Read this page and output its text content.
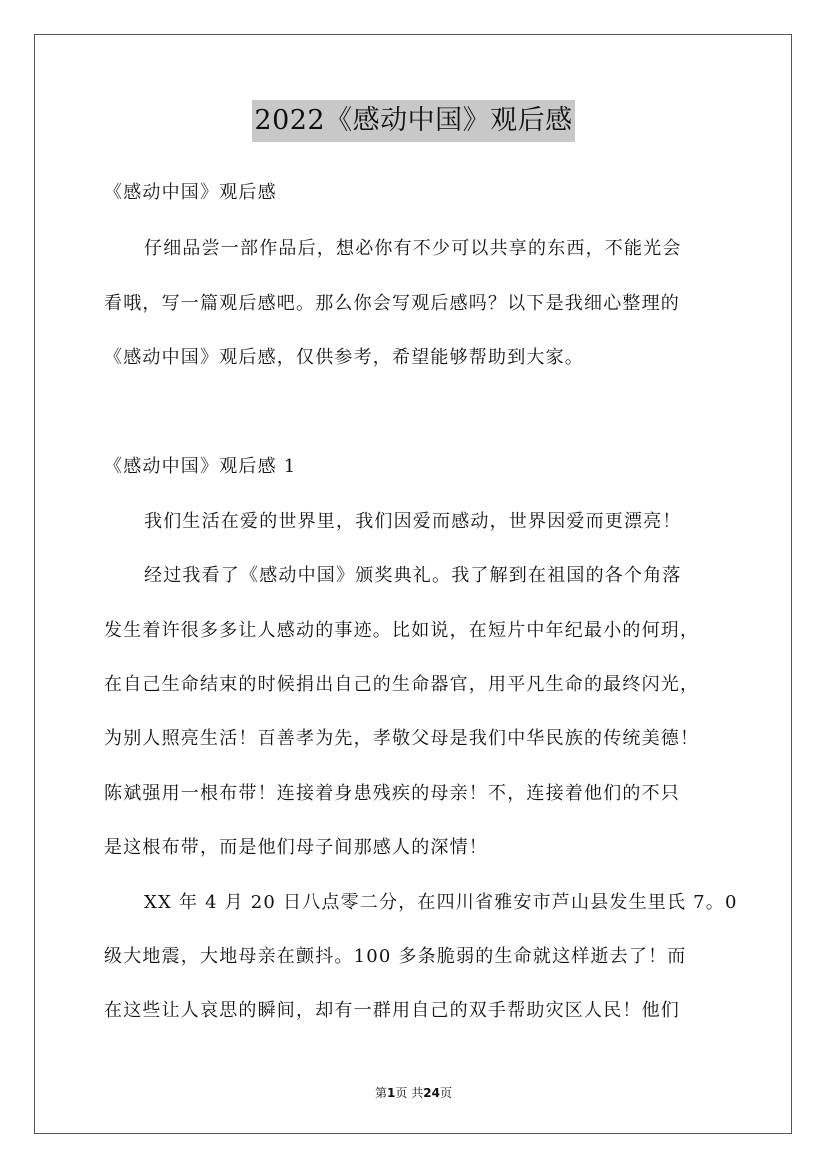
2022《感动中国》观后感
《感动中国》观后感
仔细品尝一部作品后，想必你有不少可以共享的东西，不能光会
看哦，写一篇观后感吧。那么你会写观后感吗？以下是我细心整理的
《感动中国》观后感，仅供参考，希望能够帮助到大家。
《感动中国》观后感 1
我们生活在爱的世界里，我们因爱而感动，世界因爱而更漂亮！
经过我看了《感动中国》颁奖典礼。我了解到在祖国的各个角落
发生着许很多多让人感动的事迹。比如说，在短片中年纪最小的何玥，
在自己生命结束的时候捐出自己的生命器官，用平凡生命的最终闪光，
为别人照亮生活！百善孝为先，孝敬父母是我们中华民族的传统美德！
陈斌强用一根布带！连接着身患残疾的母亲！不，连接着他们的不只
是这根布带，而是他们母子间那感人的深情！
XX 年 4 月 20 日八点零二分，在四川省雅安市芦山县发生里氏 7。0
级大地震，大地母亲在颤抖。100 多条脆弱的生命就这样逝去了！而
在这些让人哀思的瞬间，却有一群用自己的双手帮助灾区人民！他们
第1页 共24页
